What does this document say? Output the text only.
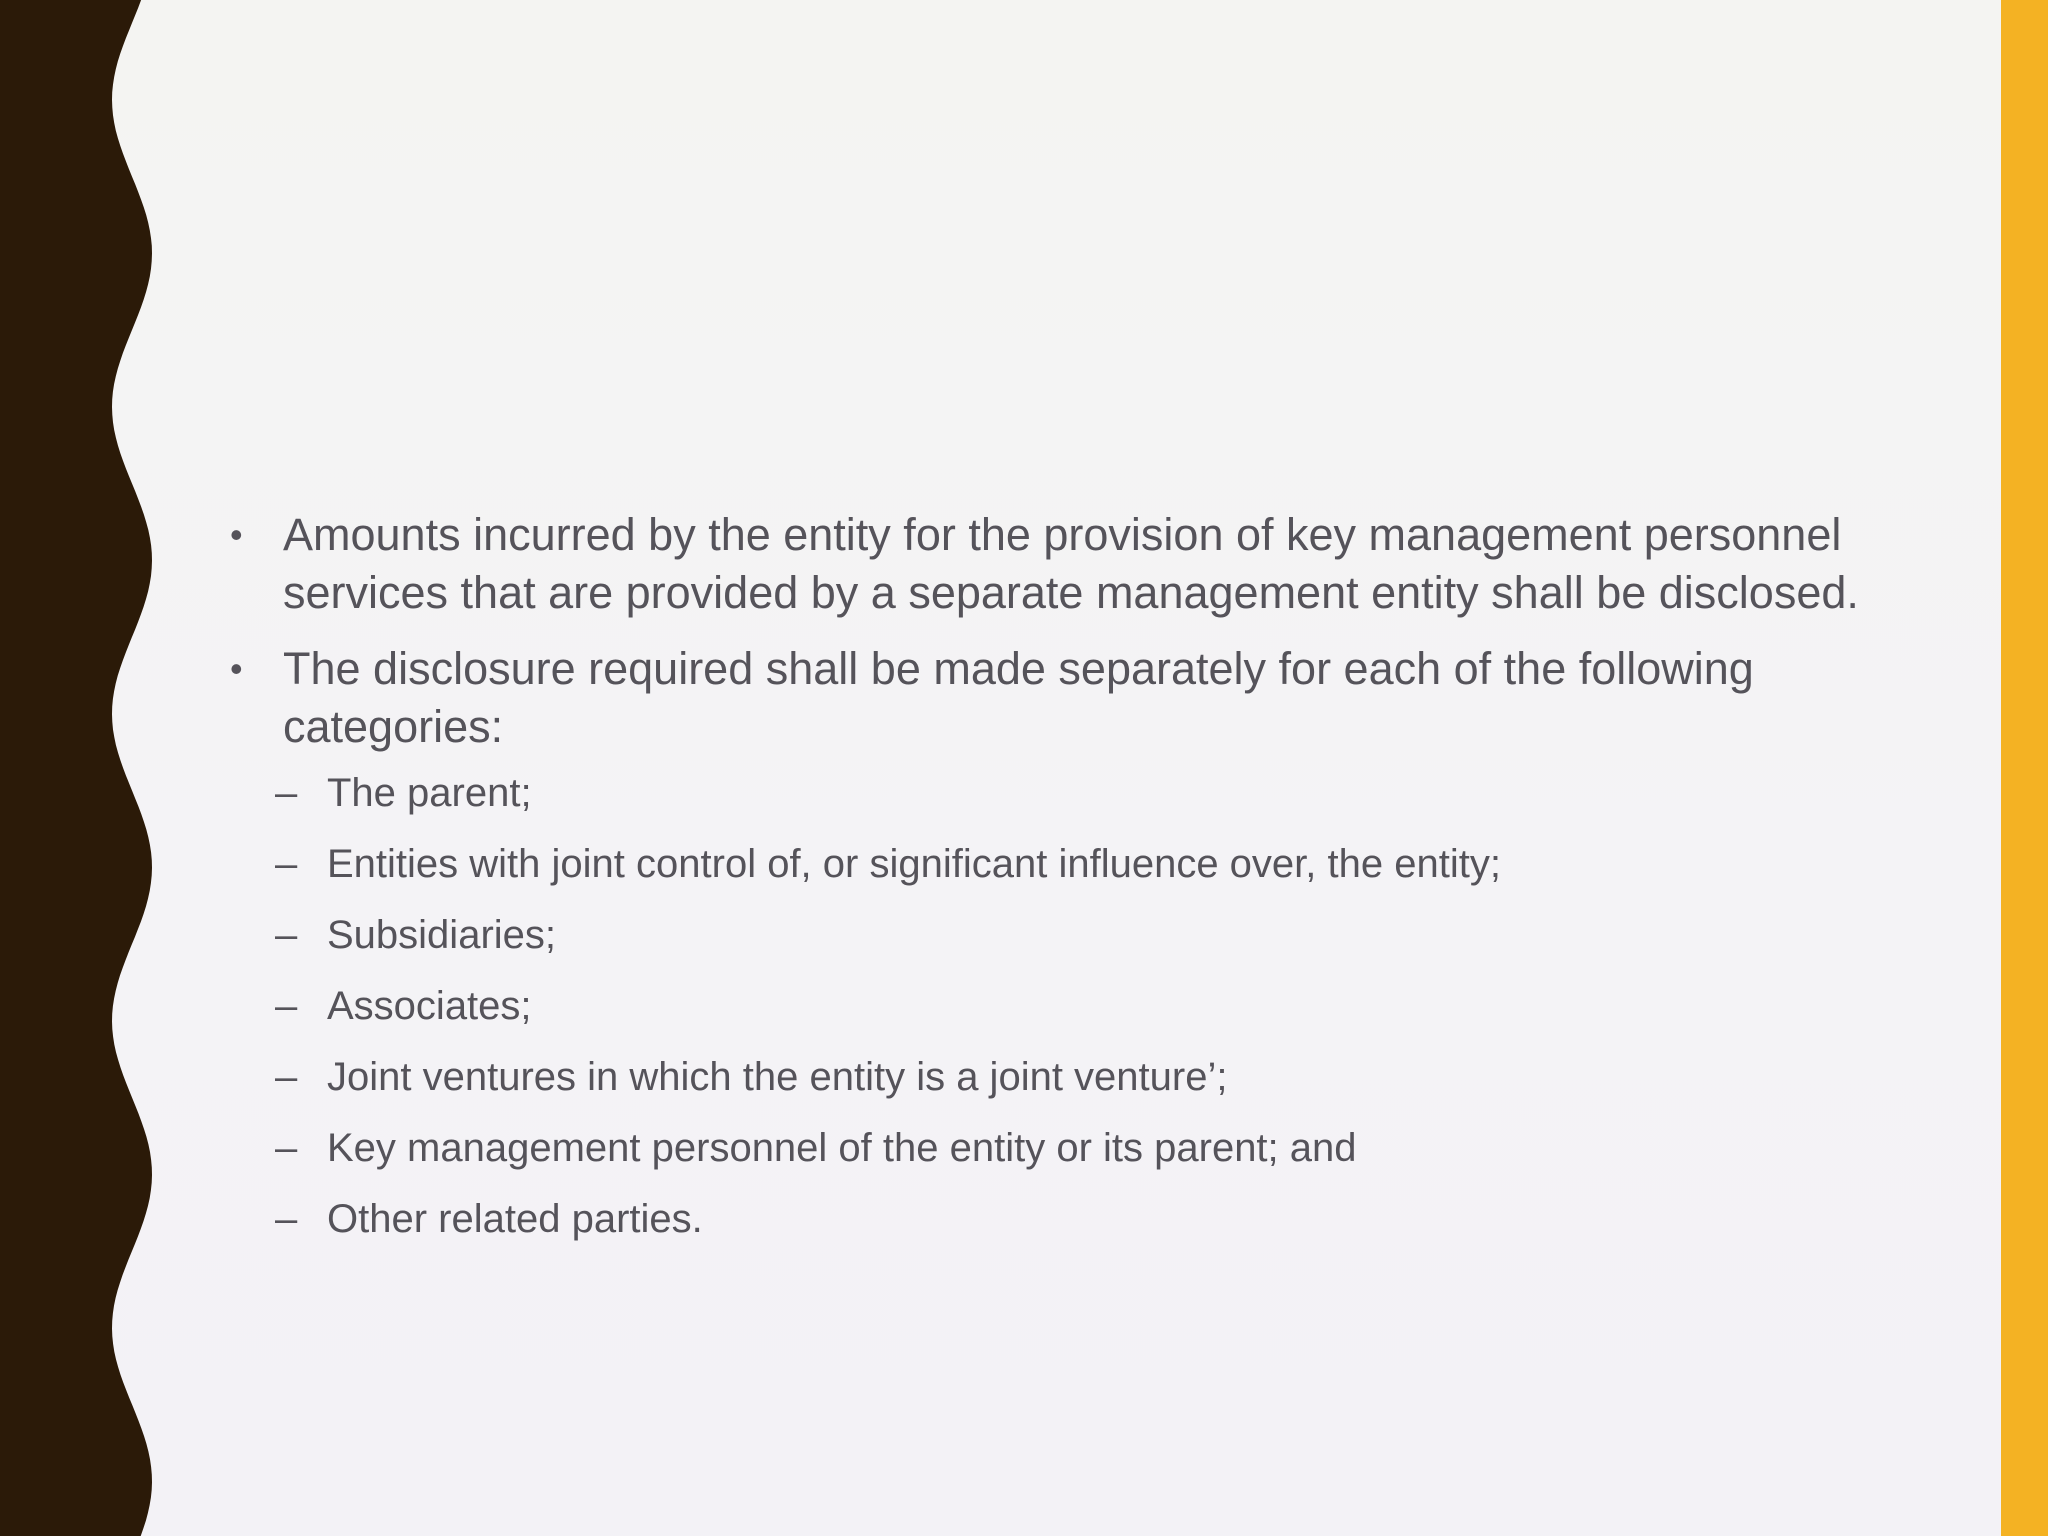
• Amounts incurred by the entity for the provision of key management personnel services that are provided by a separate management entity shall be disclosed.
• The disclosure required shall be made separately for each of the following categories:
– The parent;
– Entities with joint control of, or significant influence over, the entity;
– Subsidiaries;
– Associates;
– Joint ventures in which the entity is a joint venture’;
– Key management personnel of the entity or its parent; and
– Other related parties.
